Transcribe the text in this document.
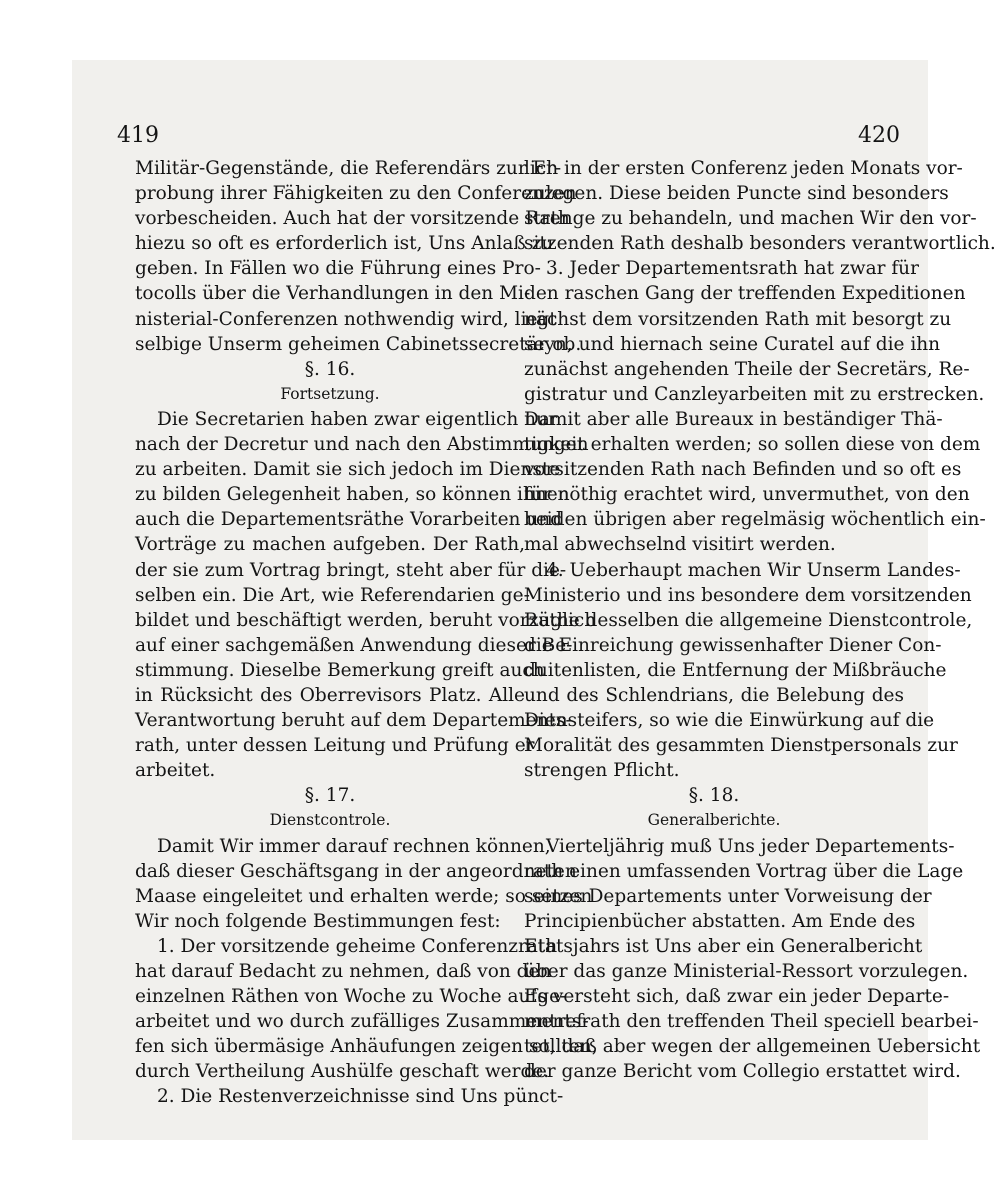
419	420
Militär-Gegenstände, die Referendärs zur Er-
probung ihrer Fähigkeiten zu den Conferenzen
vorbescheiden. Auch hat der vorsitzende Rath
hiezu so oft es erforderlich ist, Uns Anlaß zu
geben. In Fällen wo die Führung eines Pro-
tocolls über die Verhandlungen in den Mi-
nisterial-Conferenzen nothwendig wird, liegt
selbige Unserm geheimen Cabinetssecretär ob.
§. 16.
Fortsetzung.
Die Secretarien haben zwar eigentlich nur
nach der Decretur und nach den Abstimmungen
zu arbeiten. Damit sie sich jedoch im Dienste
zu bilden Gelegenheit haben, so können ihnen
auch die Departementsräthe Vorarbeiten und
Vorträge zu machen aufgeben. Der Rath,
der sie zum Vortrag bringt, steht aber für die-
selben ein. Die Art, wie Referendarien ge-
bildet und beschäftigt werden, beruht vorzüglich
auf einer sachgemäßen Anwendung dieser Be-
stimmung. Dieselbe Bemerkung greift auch
in Rücksicht des Oberrevisors Platz. Alle
Verantwortung beruht auf dem Departements-
rath, unter dessen Leitung und Prüfung er
arbeitet.
§. 17.
Dienstcontrole.
Damit Wir immer darauf rechnen können,
daß dieser Geschäftsgang in der angeordneten
Maase eingeleitet und erhalten werde; so setzen
Wir noch folgende Bestimmungen fest:
1. Der vorsitzende geheime Conferenzrath
hat darauf Bedacht zu nehmen, daß von den
einzelnen Räthen von Woche zu Woche aufge-
arbeitet und wo durch zufälliges Zusammentref-
fen sich übermäsige Anhäufungen zeigen sollten,
durch Vertheilung Aushülfe geschaft werde.
2. Die Restenverzeichnisse sind Uns pünct-
lich in der ersten Conferenz jeden Monats vor-
zulegen. Diese beiden Puncte sind besonders
strenge zu behandeln, und machen Wir den vor-
sitzenden Rath deshalb besonders verantwortlich.
3. Jeder Departementsrath hat zwar für
den raschen Gang der treffenden Expeditionen
nächst dem vorsitzenden Rath mit besorgt zu
seyn, und hiernach seine Curatel auf die ihn
zunächst angehenden Theile der Secretärs, Re-
gistratur und Canzleyarbeiten mit zu erstrecken.
Damit aber alle Bureaux in beständiger Thä-
tigkeit erhalten werden; so sollen diese von dem
vorsitzenden Rath nach Befinden und so oft es
für nöthig erachtet wird, unvermuthet, von den
beiden übrigen aber regelmäsig wöchentlich ein-
mal abwechselnd visitirt werden.
4. Ueberhaupt machen Wir Unserm Landes-
Ministerio und ins besondere dem vorsitzenden
Rathe desselben die allgemeine Dienstcontrole,
die Einreichung gewissenhafter Diener Con-
duitenlisten, die Entfernung der Mißbräuche
und des Schlendrians, die Belebung des
Diensteifers, so wie die Einwürkung auf die
Moralität des gesammten Dienstpersonals zur
strengen Pflicht.
§. 18.
Generalberichte.
Vierteljährig muß Uns jeder Departements-
rath einen umfassenden Vortrag über die Lage
seines Departements unter Vorweisung der
Principienbücher abstatten. Am Ende des
Etatsjahrs ist Uns aber ein Generalbericht
über das ganze Ministerial-Ressort vorzulegen.
Es versteht sich, daß zwar ein jeder Departe-
mentsrath den treffenden Theil speciell bearbei-
tet, daß aber wegen der allgemeinen Uebersicht
der ganze Bericht vom Collegio erstattet wird.
